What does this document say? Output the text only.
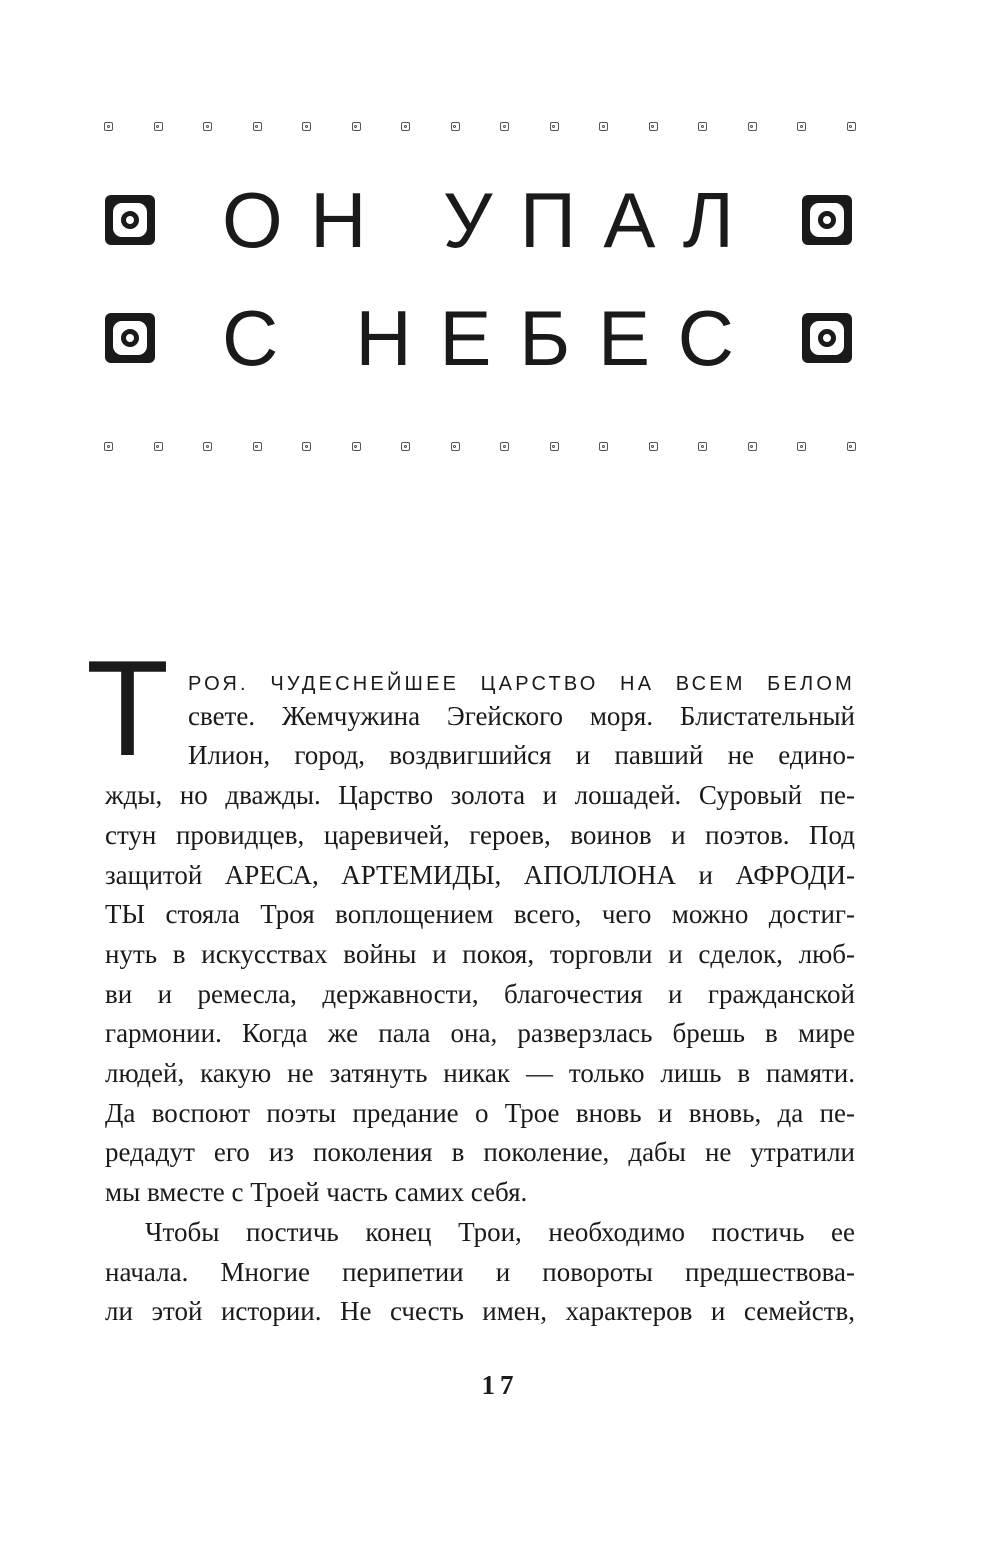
О Н
У П А Л
С
Н Е Б Е С
Т РОЯ. ЧУДЕСНЕЙШЕЕ ЦАРСТВО НА ВСЕМ БЕЛОМ
свете. Жемчужина Эгейского моря. Блистательный
Илион, город, воздвигшийся и павший не едино-
жды, но дважды. Царство золота и лошадей. Суровый пе-
стун провидцев, царевичей, героев, воинов и поэтов. Под
защитой АРЕСА, АРТЕМИДЫ, АПОЛЛОНА и АФРОДИ-
ТЫ стояла Троя воплощением всего, чего можно достиг-
нуть в искусствах войны и покоя, торговли и сделок, люб-
ви и ремесла, державности, благочестия и гражданской
гармонии. Когда же пала она, разверзлась брешь в мире
людей, какую не затянуть никак — только лишь в памяти.
Да воспоют поэты предание о Трое вновь и вновь, да пе-
редадут его из поколения в поколение, дабы не утратили
мы вместе с Троей часть самих себя.
Чтобы постичь конец Трои, необходимо постичь ее
начала. Многие перипетии и повороты предшествова-
ли этой истории. Не счесть имен, характеров и семейств,
17
